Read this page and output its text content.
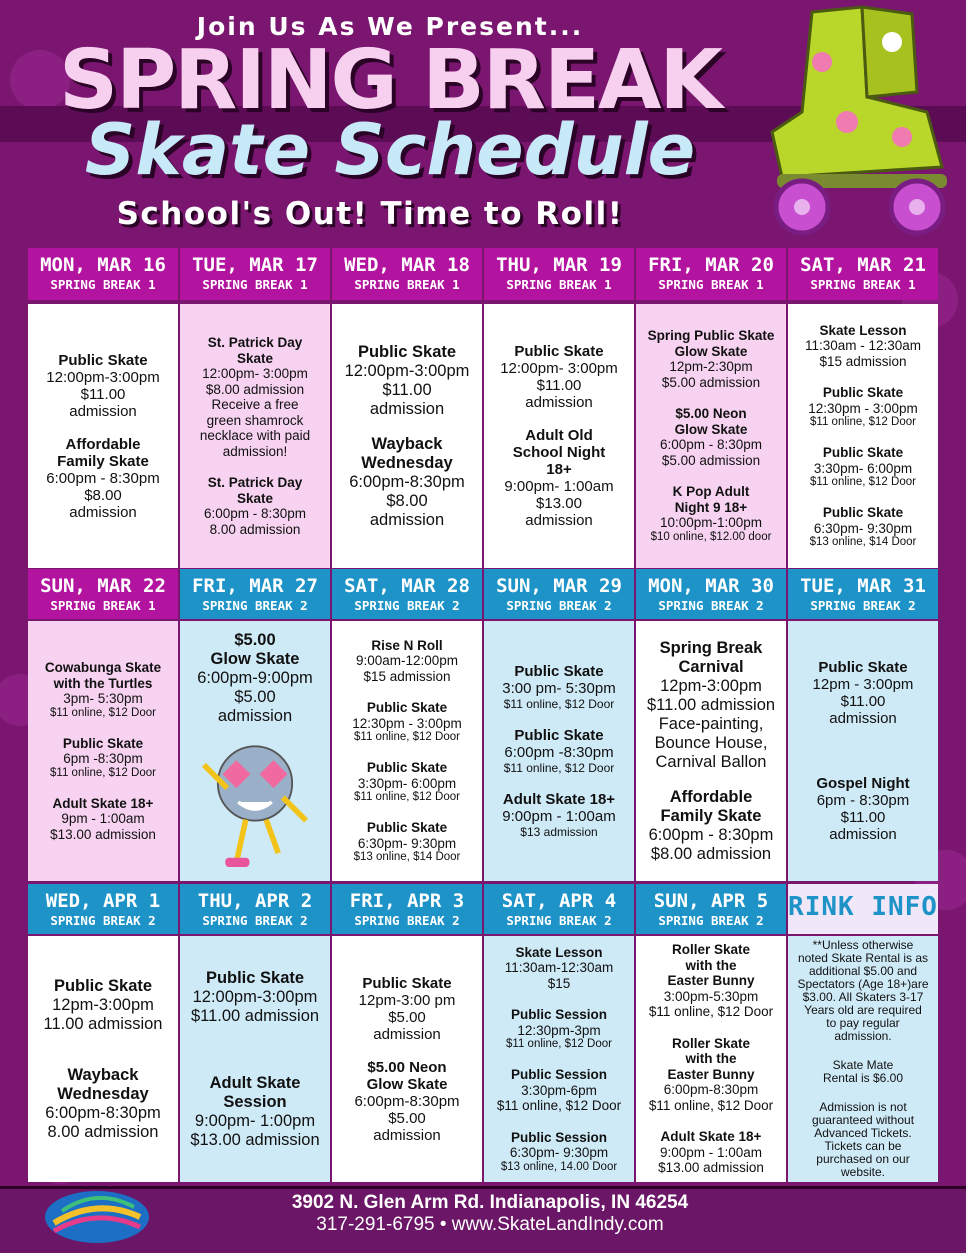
Join Us As We Present...
SPRING BREAK
Skate Schedule
School's Out! Time to Roll!
MON, MAR 16
SPRING BREAK 1
Public Skate
12:00pm-3:00pm
$11.00
admission
Affordable
Family Skate
6:00pm - 8:30pm
$8.00
admission
TUE, MAR 17
SPRING BREAK 1
St. Patrick Day
Skate
12:00pm- 3:00pm
$8.00 admission
Receive a free
green shamrock
necklace with paid
admission!
St. Patrick Day
Skate
6:00pm - 8:30pm
8.00 admission
WED, MAR 18
SPRING BREAK 1
Public Skate
12:00pm-3:00pm
$11.00
admission
Wayback
Wednesday
6:00pm-8:30pm
$8.00
admission
THU, MAR 19
SPRING BREAK 1
Public Skate
12:00pm- 3:00pm
$11.00
admission
Adult Old
School Night
18+
9:00pm- 1:00am
$13.00
admission
FRI, MAR 20
SPRING BREAK 1
Spring Public Skate
Glow Skate
12pm-2:30pm
$5.00 admission
$5.00 Neon
Glow Skate
6:00pm - 8:30pm
$5.00 admission
K Pop Adult
Night 9 18+
10:00pm-1:00pm
$10 online, $12.00 door
SAT, MAR 21
SPRING BREAK 1
Skate Lesson
11:30am - 12:30am
$15 admission
Public Skate
12:30pm - 3:00pm
$11 online, $12 Door
Public Skate
3:30pm- 6:00pm
$11 online, $12 Door
Public Skate
6:30pm- 9:30pm
$13 online, $14 Door
SUN, MAR 22
SPRING BREAK 1
Cowabunga Skate
with the Turtles
3pm- 5:30pm
$11 online, $12 Door
Public Skate
6pm -8:30pm
$11 online, $12 Door
Adult Skate 18+
9pm - 1:00am
$13.00 admission
FRI, MAR 27
SPRING BREAK 2
$5.00
Glow Skate
6:00pm-9:00pm
$5.00
admission
SAT, MAR 28
SPRING BREAK 2
Rise N Roll
9:00am-12:00pm
$15 admission
Public Skate
12:30pm - 3:00pm
$11 online, $12 Door
Public Skate
3:30pm- 6:00pm
$11 online, $12 Door
Public Skate
6:30pm- 9:30pm
$13 online, $14 Door
SUN, MAR 29
SPRING BREAK 2
Public Skate
3:00 pm- 5:30pm
$11 online, $12 Door
Public Skate
6:00pm -8:30pm
$11 online, $12 Door
Adult Skate 18+
9:00pm - 1:00am
$13 admission
MON, MAR 30
SPRING BREAK 2
Spring Break
Carnival
12pm-3:00pm
$11.00 admission
Face-painting,
Bounce House,
Carnival Ballon
Affordable
Family Skate
6:00pm - 8:30pm
$8.00 admission
TUE, MAR 31
SPRING BREAK 2
Public Skate
12pm - 3:00pm
$11.00
admission
Gospel Night
6pm - 8:30pm
$11.00
admission
WED, APR 1
SPRING BREAK 2
Public Skate
12pm-3:00pm
11.00 admission
Wayback
Wednesday
6:00pm-8:30pm
8.00 admission
THU, APR 2
SPRING BREAK 2
Public Skate
12:00pm-3:00pm
$11.00 admission
Adult Skate
Session
9:00pm- 1:00pm
$13.00 admission
FRI, APR 3
SPRING BREAK 2
Public Skate
12pm-3:00 pm
$5.00
admission
$5.00 Neon
Glow Skate
6:00pm-8:30pm
$5.00
admission
SAT, APR 4
SPRING BREAK 2
Skate Lesson
11:30am-12:30am
$15
Public Session
12:30pm-3pm
$11 online, $12 Door
Public Session
3:30pm-6pm
$11 online, $12 Door
Public Session
6:30pm- 9:30pm
$13 online, 14.00 Door
SUN, APR 5
SPRING BREAK 2
Roller Skate
with the
Easter Bunny
3:00pm-5:30pm
$11 online, $12 Door
Roller Skate
with the
Easter Bunny
6:00pm-8:30pm
$11 online, $12 Door
Adult Skate 18+
9:00pm - 1:00am
$13.00 admission
RINK INFO
**Unless otherwise
noted Skate Rental is as
additional $5.00 and
Spectators (Age 18+)are
$3.00. All Skaters 3-17
Years old are required
to pay regular
admission.
Skate Mate
Rental is $6.00
Admission is not
guaranteed without
Advanced Tickets.
Tickets can be
purchased on our
website.
3902 N. Glen Arm Rd. Indianapolis, IN 46254
317-291-6795 • www.SkateLandIndy.com
